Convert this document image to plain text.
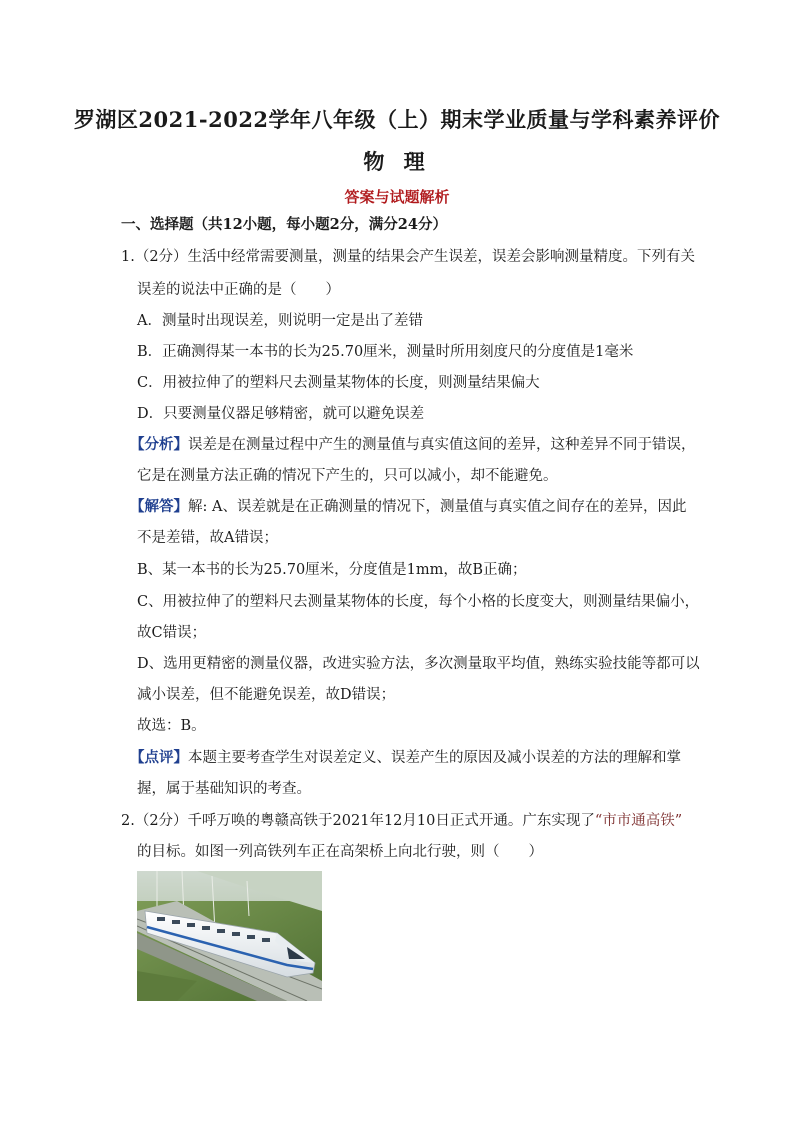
罗湖区2021-2022学年八年级（上）期末学业质量与学科素养评价
物 理
答案与试题解析
一、选择题（共12小题，每小题2分，满分24分）
1.（2分）生活中经常需要测量，测量的结果会产生误差，误差会影响测量精度。下列有关
误差的说法中正确的是（　　）
A．测量时出现误差，则说明一定是出了差错
B．正确测得某一本书的长为25.70厘米，测量时所用刻度尺的分度值是1毫米
C．用被拉伸了的塑料尺去测量某物体的长度，则测量结果偏大
D．只要测量仪器足够精密，就可以避免误差
【分析】误差是在测量过程中产生的测量值与真实值这间的差异，这种差异不同于错误，
它是在测量方法正确的情况下产生的，只可以减小，却不能避免。
【解答】解: A、误差就是在正确测量的情况下，测量值与真实值之间存在的差异，因此
不是差错，故A错误；
B、某一本书的长为25.70厘米，分度值是1mm，故B正确；
C、用被拉伸了的塑料尺去测量某物体的长度，每个小格的长度变大，则测量结果偏小，
故C错误；
D、选用更精密的测量仪器，改进实验方法，多次测量取平均值，熟练实验技能等都可以
减小误差，但不能避免误差，故D错误；
故选：B。
【点评】本题主要考查学生对误差定义、误差产生的原因及减小误差的方法的理解和掌
握，属于基础知识的考查。
2.（2分）千呼万唤的粤赣高铁于2021年12月10日正式开通。广东实现了“市市通高铁”
的目标。如图一列高铁列车正在高架桥上向北行驶，则（　　）
